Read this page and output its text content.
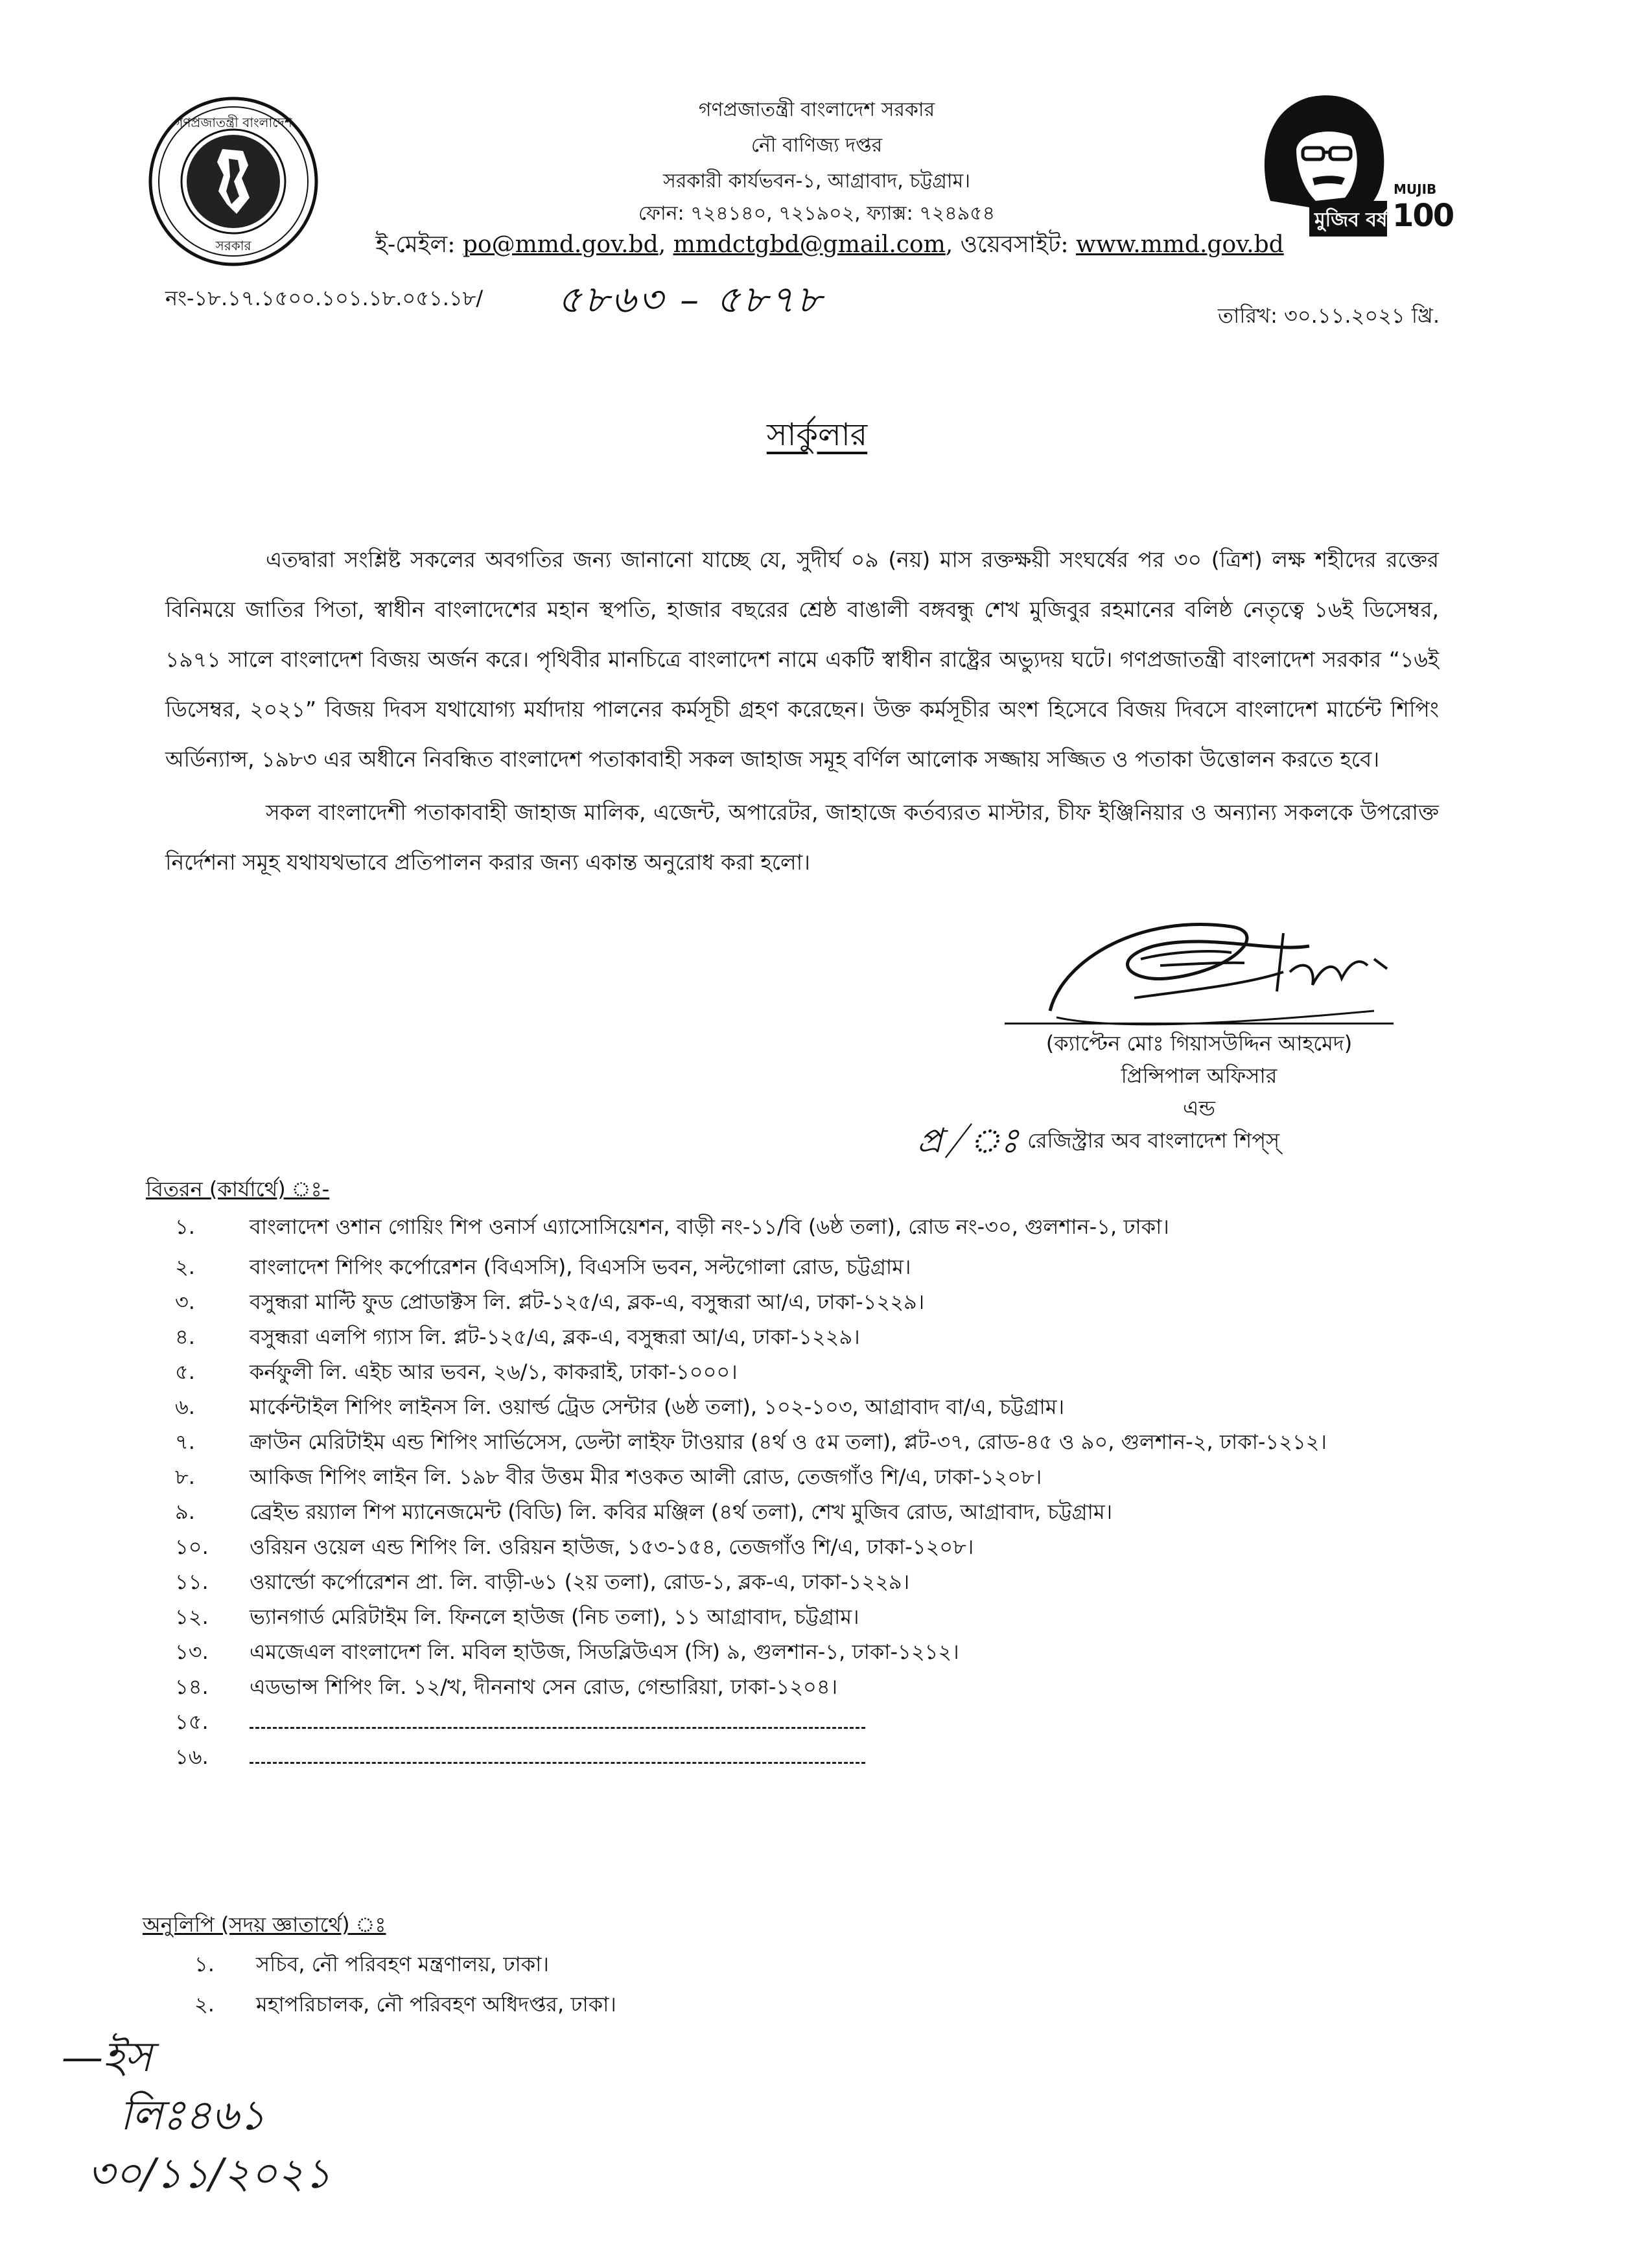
গণপ্রজাতন্ত্রী বাংলাদেশ
সরকার
মুজিব বর্ষ
MUJIB
100
গণপ্রজাতন্ত্রী বাংলাদেশ সরকার
নৌ বাণিজ্য দপ্তর
সরকারী কার্যভবন-১, আগ্রাবাদ, চট্টগ্রাম।
ফোন: ৭২৪১৪০, ৭২১৯০২, ফ্যাক্স: ৭২৪৯৫৪
ই-মেইল: po@mmd.gov.bd, mmdctgbd@gmail.com, ওয়েবসাইট: www.mmd.gov.bd
নং-১৮.১৭.১৫০০.১০১.১৮.০৫১.১৮/ ৫৮৬৩ – ৫৮৭৮	তারিখ: ৩০.১১.২০২১ খ্রি.
সার্কুলার
এতদ্বারা সংশ্লিষ্ট সকলের অবগতির জন্য জানানো যাচ্ছে যে, সুদীর্ঘ ০৯ (নয়) মাস রক্তক্ষয়ী সংঘর্ষের পর ৩০ (ত্রিশ) লক্ষ শহীদের রক্তের বিনিময়ে জাতির পিতা, স্বাধীন বাংলাদেশের মহান স্থপতি, হাজার বছরের শ্রেষ্ঠ বাঙালী বঙ্গবন্ধু শেখ মুজিবুর রহমানের বলিষ্ঠ নেতৃত্বে ১৬ই ডিসেম্বর, ১৯৭১ সালে বাংলাদেশ বিজয় অর্জন করে। পৃথিবীর মানচিত্রে বাংলাদেশ নামে একটি স্বাধীন রাষ্ট্রের অভ্যুদয় ঘটে। গণপ্রজাতন্ত্রী বাংলাদেশ সরকার “১৬ই ডিসেম্বর, ২০২১” বিজয় দিবস যথাযোগ্য মর্যাদায় পালনের কর্মসূচী গ্রহণ করেছেন। উক্ত কর্মসূচীর অংশ হিসেবে বিজয় দিবসে বাংলাদেশ মার্চেন্ট শিপিং অর্ডিন্যান্স, ১৯৮৩ এর অধীনে নিবন্ধিত বাংলাদেশ পতাকাবাহী সকল জাহাজ সমূহ বর্ণিল আলোক সজ্জায় সজ্জিত ও পতাকা উত্তোলন করতে হবে।
সকল বাংলাদেশী পতাকাবাহী জাহাজ মালিক, এজেন্ট, অপারেটর, জাহাজে কর্তব্যরত মাস্টার, চীফ ইঞ্জিনিয়ার ও অন্যান্য সকলকে উপরোক্ত নির্দেশনা সমূহ যথাযথভাবে প্রতিপালন করার জন্য একান্ত অনুরোধ করা হলো।
(ক্যাপ্টেন মোঃ গিয়াসউদ্দিন আহমেদ)
প্রিন্সিপাল অফিসার
এন্ড
প্র/ঃ রেজিস্ট্রার অব বাংলাদেশ শিপ্স্
বিতরন (কার্যার্থে) ঃ-
১.	বাংলাদেশ ওশান গোয়িং শিপ ওনার্স এ্যাসোসিয়েশন, বাড়ী নং-১১/বি (৬ষ্ঠ তলা), রোড নং-৩০, গুলশান-১, ঢাকা।
২.	বাংলাদেশ শিপিং কর্পোরেশন (বিএসসি), বিএসসি ভবন, সল্টগোলা রোড, চট্টগ্রাম।
৩.	বসুন্ধরা মাল্টি ফুড প্রোডাক্টস লি. প্লট-১২৫/এ, ব্লক-এ, বসুন্ধরা আ/এ, ঢাকা-১২২৯।
৪.	বসুন্ধরা এলপি গ্যাস লি. প্লট-১২৫/এ, ব্লক-এ, বসুন্ধরা আ/এ, ঢাকা-১২২৯।
৫.	কর্নফুলী লি. এইচ আর ভবন, ২৬/১, কাকরাই, ঢাকা-১০০০।
৬.	মার্কেন্টাইল শিপিং লাইনস লি. ওয়ার্ল্ড ট্রেড সেন্টার (৬ষ্ঠ তলা), ১০২-১০৩, আগ্রাবাদ বা/এ, চট্টগ্রাম।
৭.	ক্রাউন মেরিটাইম এন্ড শিপিং সার্ভিসেস, ডেল্টা লাইফ টাওয়ার (৪র্থ ও ৫ম তলা), প্লট-৩৭, রোড-৪৫ ও ৯০, গুলশান-২, ঢাকা-১২১২।
৮.	আকিজ শিপিং লাইন লি. ১৯৮ বীর উত্তম মীর শওকত আলী রোড, তেজগাঁও শি/এ, ঢাকা-১২০৮।
৯.	ব্রেইভ রয়্যাল শিপ ম্যানেজমেন্ট (বিডি) লি. কবির মঞ্জিল (৪র্থ তলা), শেখ মুজিব রোড, আগ্রাবাদ, চট্টগ্রাম।
১০.	ওরিয়ন ওয়েল এন্ড শিপিং লি. ওরিয়ন হাউজ, ১৫৩-১৫৪, তেজগাঁও শি/এ, ঢাকা-১২০৮।
১১.	ওয়ার্ল্ডো কর্পোরেশন প্রা. লি. বাড়ী-৬১ (২য় তলা), রোড-১, ব্লক-এ, ঢাকা-১২২৯।
১২.	ভ্যানগার্ড মেরিটাইম লি. ফিনলে হাউজ (নিচ তলা), ১১ আগ্রাবাদ, চট্টগ্রাম।
১৩.	এমজেএল বাংলাদেশ লি. মবিল হাউজ, সিডব্লিউএস (সি) ৯, গুলশান-১, ঢাকা-১২১২।
১৪.	এডভান্স শিপিং লি. ১২/খ, দীননাথ সেন রোড, গেন্ডারিয়া, ঢাকা-১২০৪।
১৫.
১৬.
অনুলিপি (সদয় জ্ঞাতার্থে) ঃ
১.	সচিব, নৌ পরিবহণ মন্ত্রণালয়, ঢাকা।
২.	মহাপরিচালক, নৌ পরিবহণ অধিদপ্তর, ঢাকা।
—ইস
লিঃ৪৬১
৩০/১১/২০২১
